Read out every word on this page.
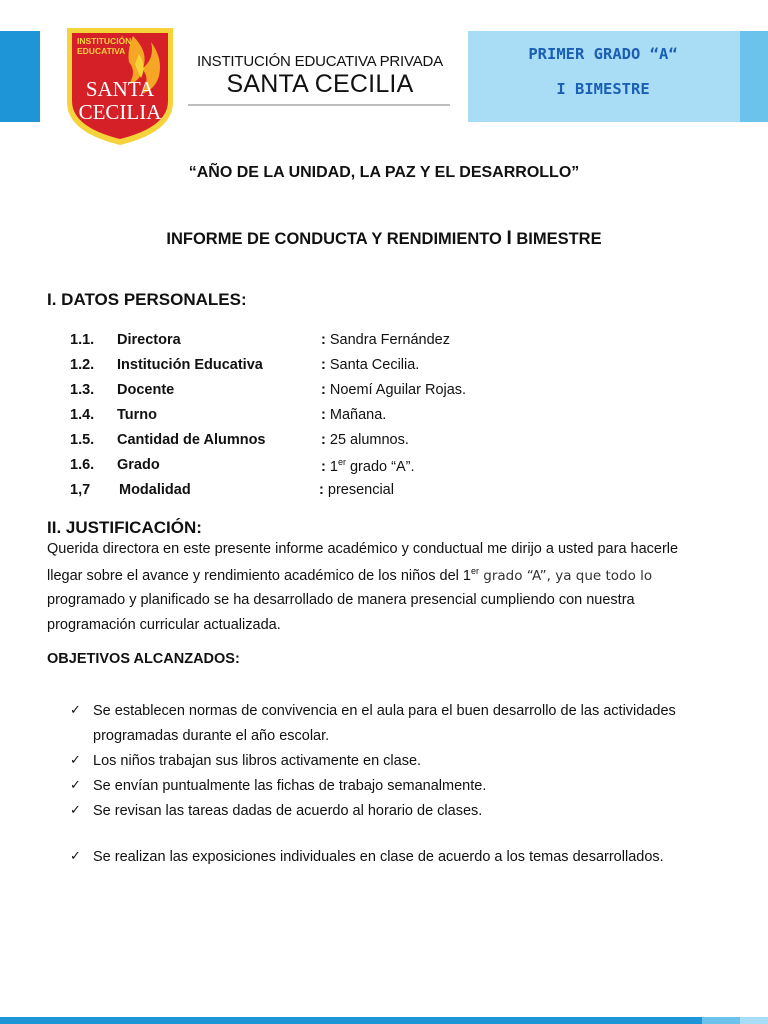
INSTITUCIÓN
EDUCATIVA
SANTA
CECILIA
INSTITUCIÓN EDUCATIVA PRIVADA
SANTA CECILIA
PRIMER GRADO “A“
I BIMESTRE
“AÑO DE LA UNIDAD, LA PAZ Y EL DESARROLLO”
INFORME DE CONDUCTA Y RENDIMIENTO I BIMESTRE
I. DATOS PERSONALES:
1.1. Directora	: Sandra Fernández
1.2. Institución Educativa	: Santa Cecilia.
1.3. Docente	: Noemí Aguilar Rojas.
1.4. Turno	: Mañana.
1.5. Cantidad de Alumnos	: 25 alumnos.
1.6. Grado	: 1er grado “A”.
1,7 Modalidad	: presencial
II. JUSTIFICACIÓN:
Querida directora en este presente informe académico y conductual me dirijo a usted para hacerle
llegar sobre el avance y rendimiento académico de los niños del 1er grado “A”, ya que todo lo
programado y planificado se ha desarrollado de manera presencial cumpliendo con nuestra
programación curricular actualizada.
OBJETIVOS ALCANZADOS:
✓ Se establecen normas de convivencia en el aula para el buen desarrollo de las actividades
programadas durante el año escolar.
✓ Los niños trabajan sus libros activamente en clase.
✓ Se envían puntualmente las fichas de trabajo semanalmente.
✓ Se revisan las tareas dadas de acuerdo al horario de clases.
✓ Se realizan las exposiciones individuales en clase de acuerdo a los temas desarrollados.
